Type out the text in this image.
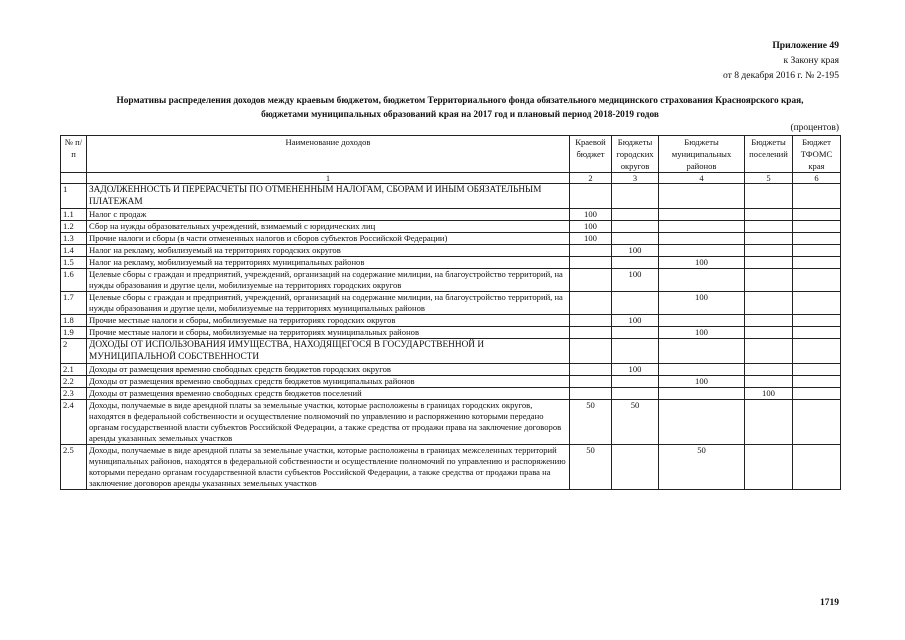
Приложение 49
к Закону края
от 8 декабря 2016 г. № 2-195
Нормативы распределения доходов между краевым бюджетом, бюджетом Территориального фонда обязательного медицинского страхования Красноярского края,
бюджетами муниципальных образований края на 2017 год и плановый период 2018-2019 годов
(процентов)
№ п/п	Наименование доходов	Краевой бюджет	Бюджеты городских округов	Бюджеты муниципальных районов	Бюджеты поселений	Бюджет ТФОМС края
	1	2	3	4	5	6
1	ЗАДОЛЖЕННОСТЬ И ПЕРЕРАСЧЕТЫ ПО ОТМЕНЕННЫМ НАЛОГАМ, СБОРАМ И ИНЫМ ОБЯЗАТЕЛЬНЫМ ПЛАТЕЖАМ					
1.1	Налог с продаж	100				
1.2	Сбор на нужды образовательных учреждений, взимаемый с юридических лиц	100				
1.3	Прочие налоги и сборы (в части отмененных налогов и сборов субъектов Российской Федерации)	100				
1.4	Налог на рекламу, мобилизуемый на территориях городских округов		100			
1.5	Налог на рекламу, мобилизуемый на территориях муниципальных районов			100		
1.6	Целевые сборы с граждан и предприятий, учреждений, организаций на содержание милиции, на благоустройство территорий, на нужды образования и другие цели, мобилизуемые на территориях городских округов		100			
1.7	Целевые сборы с граждан и предприятий, учреждений, организаций на содержание милиции, на благоустройство территорий, на нужды образования и другие цели, мобилизуемые на территориях муниципальных районов			100		
1.8	Прочие местные налоги и сборы, мобилизуемые на территориях городских округов		100			
1.9	Прочие местные налоги и сборы, мобилизуемые на территориях муниципальных районов			100		
2	ДОХОДЫ ОТ ИСПОЛЬЗОВАНИЯ ИМУЩЕСТВА, НАХОДЯЩЕГОСЯ В ГОСУДАРСТВЕННОЙ И МУНИЦИПАЛЬНОЙ СОБСТВЕННОСТИ					
2.1	Доходы от размещения временно свободных средств бюджетов городских округов		100			
2.2	Доходы от размещения временно свободных средств бюджетов муниципальных районов			100		
2.3	Доходы от размещения временно свободных средств бюджетов поселений				100	
2.4	Доходы, получаемые в виде арендной платы за земельные участки, которые расположены в границах городских округов, находятся в федеральной собственности и осуществление полномочий по управлению и распоряжению которыми передано органам государственной власти субъектов Российской Федерации, а также средства от продажи права на заключение договоров аренды указанных земельных участков	50	50			
2.5	Доходы, получаемые в виде арендной платы за земельные участки, которые расположены в границах межселенных территорий муниципальных районов, находятся в федеральной собственности и осуществление полномочий по управлению и распоряжению которыми передано органам государственной власти субъектов Российской Федерации, а также средства от продажи права на заключение договоров аренды указанных земельных участков	50		50		
1719
